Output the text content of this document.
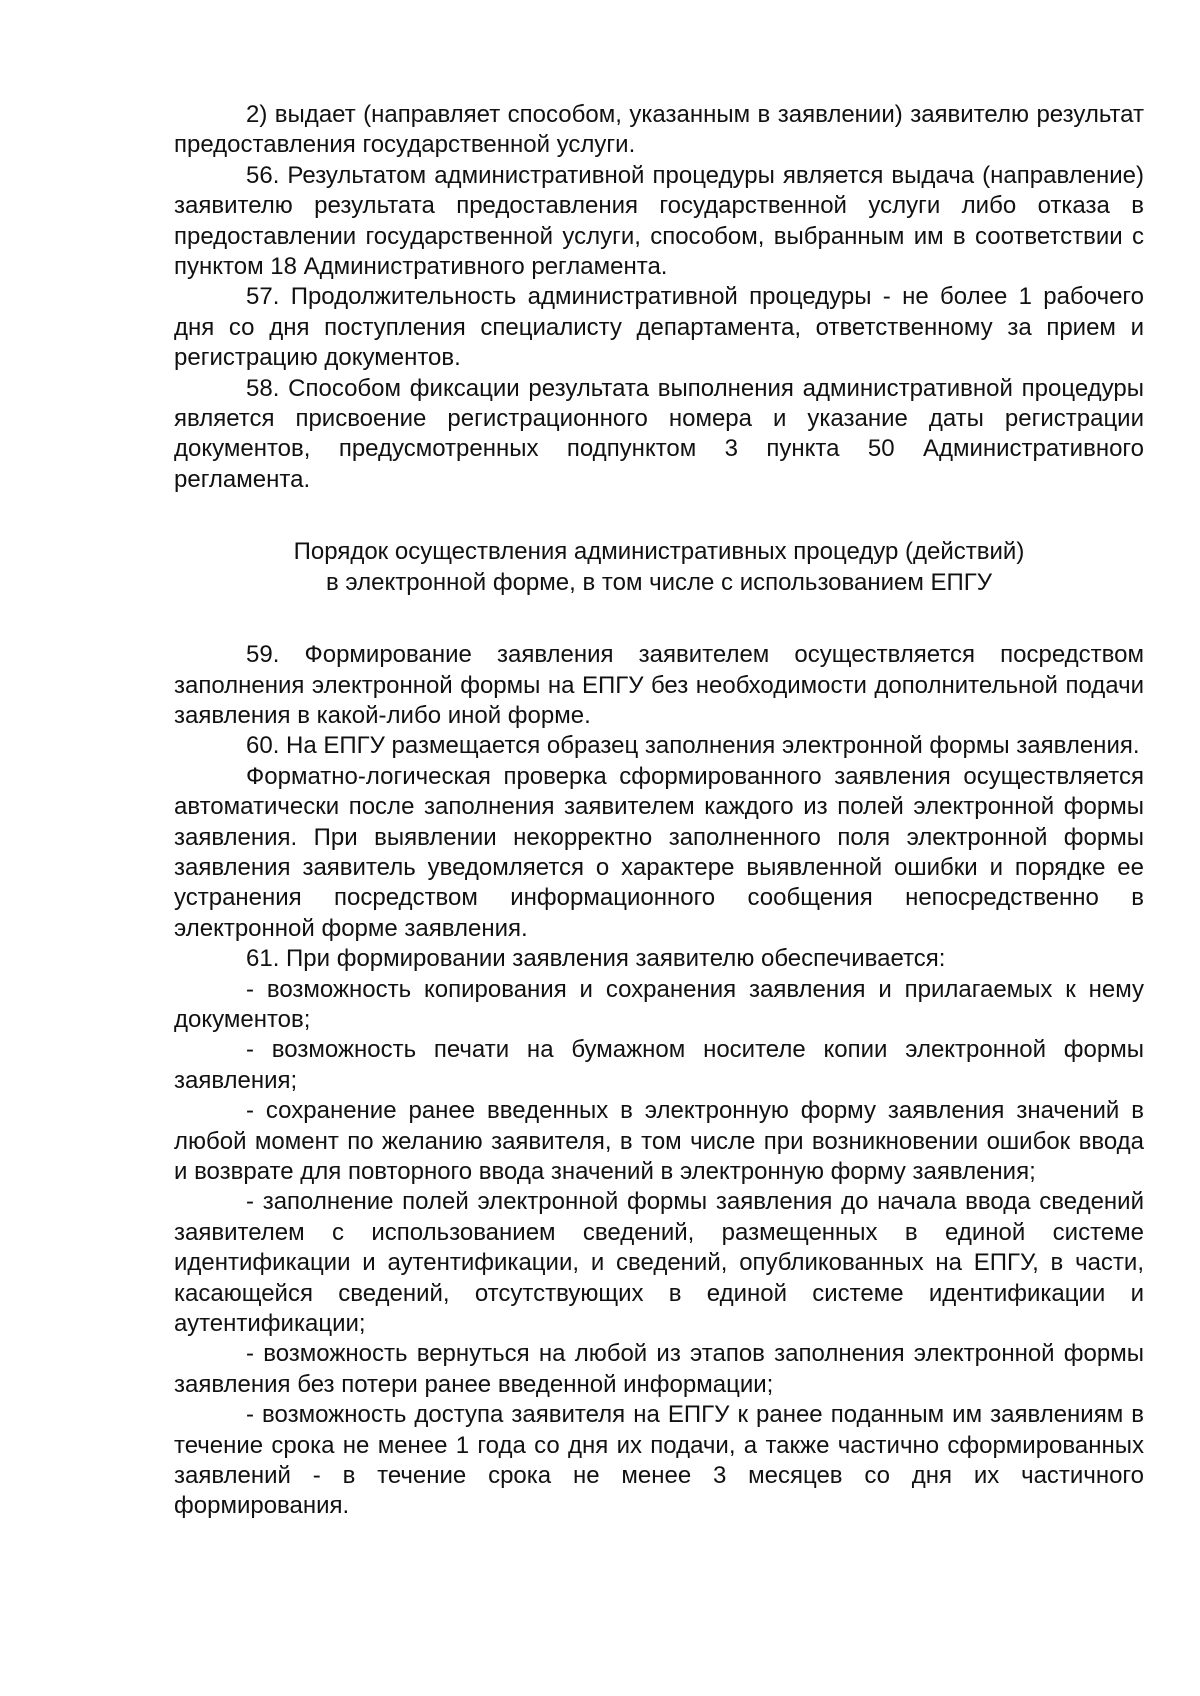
2) выдает (направляет способом, указанным в заявлении) заявителю результат предоставления государственной услуги.

56. Результатом административной процедуры является выдача (направление) заявителю результата предоставления государственной услуги либо отказа в предоставлении государственной услуги, способом, выбранным им в соответствии с пунктом 18 Административного регламента.

57. Продолжительность административной процедуры - не более 1 рабочего дня со дня поступления специалисту департамента, ответственному за прием и регистрацию документов.

58. Способом фиксации результата выполнения административной процедуры является присвоение регистрационного номера и указание даты регистрации документов, предусмотренных подпунктом 3 пункта 50 Административного регламента.

Порядок осуществления административных процедур (действий)
в электронной форме, в том числе с использованием ЕПГУ

59. Формирование заявления заявителем осуществляется посредством заполнения электронной формы на ЕПГУ без необходимости дополнительной подачи заявления в какой-либо иной форме.

60. На ЕПГУ размещается образец заполнения электронной формы заявления.

Форматно-логическая проверка сформированного заявления осуществляется автоматически после заполнения заявителем каждого из полей электронной формы заявления. При выявлении некорректно заполненного поля электронной формы заявления заявитель уведомляется о характере выявленной ошибки и порядке ее устранения посредством информационного сообщения непосредственно в электронной форме заявления.

61. При формировании заявления заявителю обеспечивается:

- возможность копирования и сохранения заявления и прилагаемых к нему документов;

- возможность печати на бумажном носителе копии электронной формы заявления;

- сохранение ранее введенных в электронную форму заявления значений в любой момент по желанию заявителя, в том числе при возникновении ошибок ввода и возврате для повторного ввода значений в электронную форму заявления;

- заполнение полей электронной формы заявления до начала ввода сведений заявителем с использованием сведений, размещенных в единой системе идентификации и аутентификации, и сведений, опубликованных на ЕПГУ, в части, касающейся сведений, отсутствующих в единой системе идентификации и аутентификации;

- возможность вернуться на любой из этапов заполнения электронной формы заявления без потери ранее введенной информации;

- возможность доступа заявителя на ЕПГУ к ранее поданным им заявлениям в течение срока не менее 1 года со дня их подачи, а также частично сформированных заявлений - в течение срока не менее 3 месяцев со дня их частичного формирования.
